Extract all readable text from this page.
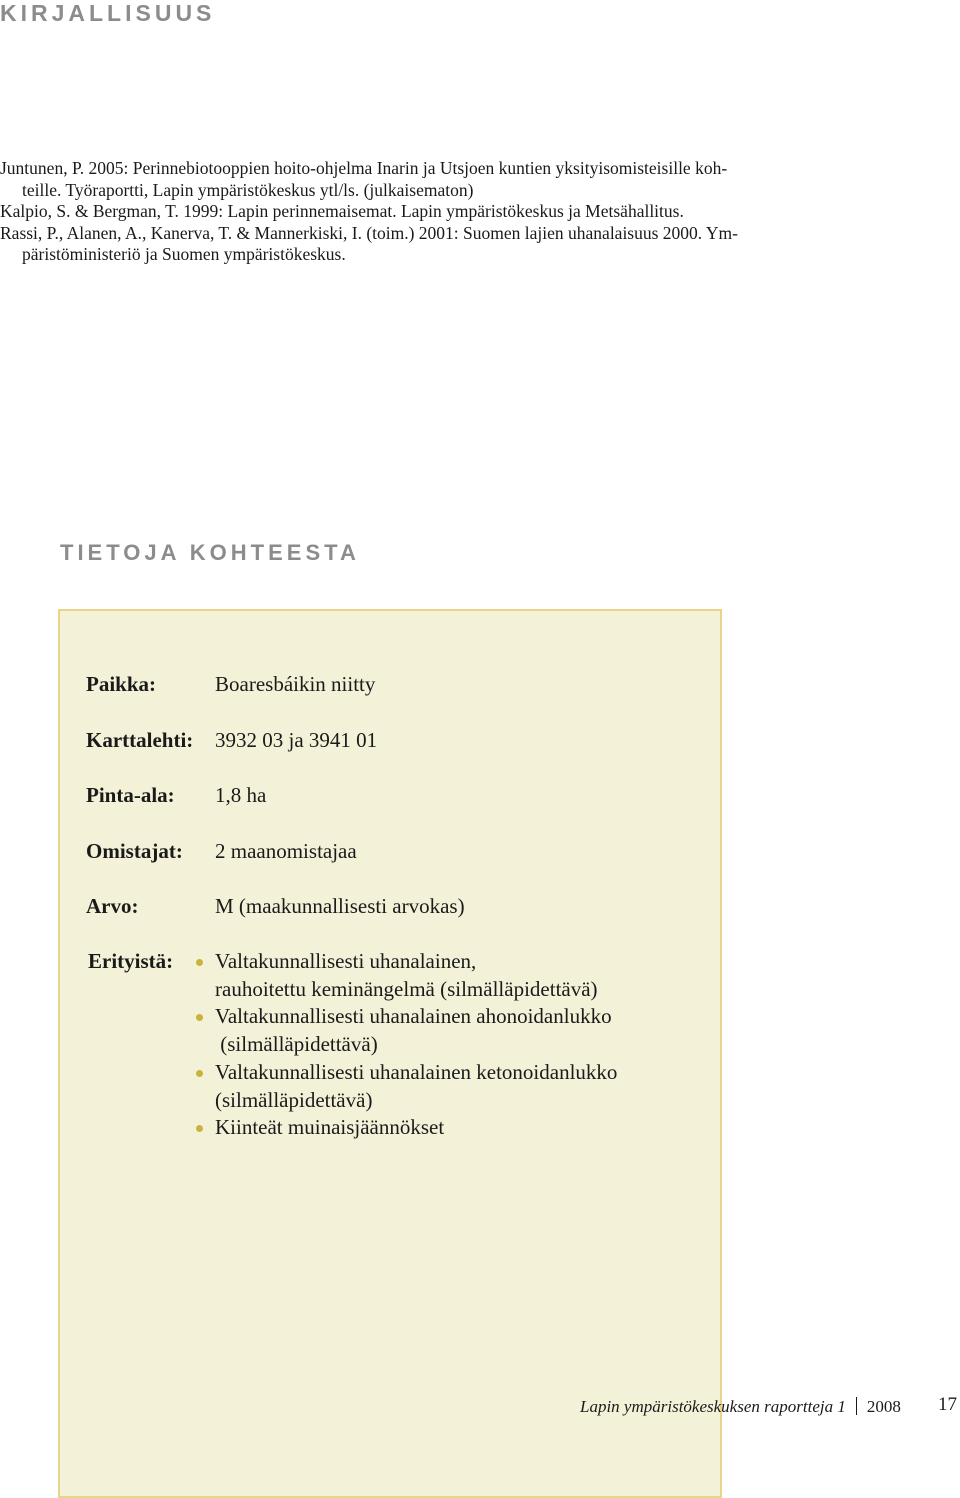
KIRJALLISUUS

Juntunen, P. 2005: Perinnebiotooppien hoito-ohjelma Inarin ja Utsjoen kuntien yksityisomisteisille koh-
teille. Työraportti, Lapin ympäristökeskus ytl/ls. (julkaisematon)

Kalpio, S. & Bergman, T. 1999: Lapin perinnemaisemat. Lapin ympäristökeskus ja Metsähallitus.

Rassi, P., Alanen, A., Kanerva, T. & Mannerkiski, I. (toim.) 2001: Suomen lajien uhanalaisuus 2000. Ym-
päristöministeriö ja Suomen ympäristökeskus.

TIETOJA KOHTEESTA
Paikka:	Boaresbáikin niitty
Karttalehti: 3932 03 ja 3941 01
Pinta-ala: 1,8 ha
Omistajat: 2 maanomistajaa
Arvo:	M (maakunnallisesti arvokas)
Erityistä:	Valtakunnallisesti uhanalainen,
rauhoitettu keminängelmä (silmälläpidettävä)

Valtakunnallisesti uhanalainen ahonoidanlukko
(silmälläpidettävä)

Valtakunnallisesti uhanalainen ketonoidanlukko
(silmälläpidettävä)

Kiinteät muinaisjäännökset

Lapin ympäristökeskuksen raportteja 1 2008 17
